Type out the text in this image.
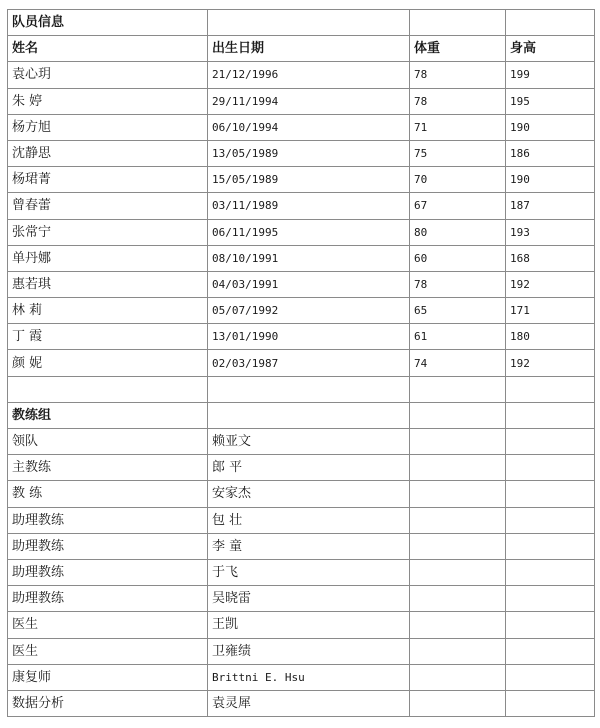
队员信息			
姓名	出生日期	体重	身高
袁心玥	21/12/1996	78	199
朱 婷	29/11/1994	78	195
杨方旭	06/10/1994	71	190
沈静思	13/05/1989	75	186
杨珺菁	15/05/1989	70	190
曾春蕾	03/11/1989	67	187
张常宁	06/11/1995	80	193
单丹娜	08/10/1991	60	168
惠若琪	04/03/1991	78	192
林 莉	05/07/1992	65	171
丁 霞	13/01/1990	61	180
颜 妮	02/03/1987	74	192

教练组			
领队	赖亚文		
主教练	郎 平		
教 练	安家杰		
助理教练	包 壮		
助理教练	李 童		
助理教练	于飞		
助理教练	吴晓雷		
医生	王凯		
医生	卫雍绩		
康复师	Brittni E. Hsu		
数据分析	袁灵犀		
